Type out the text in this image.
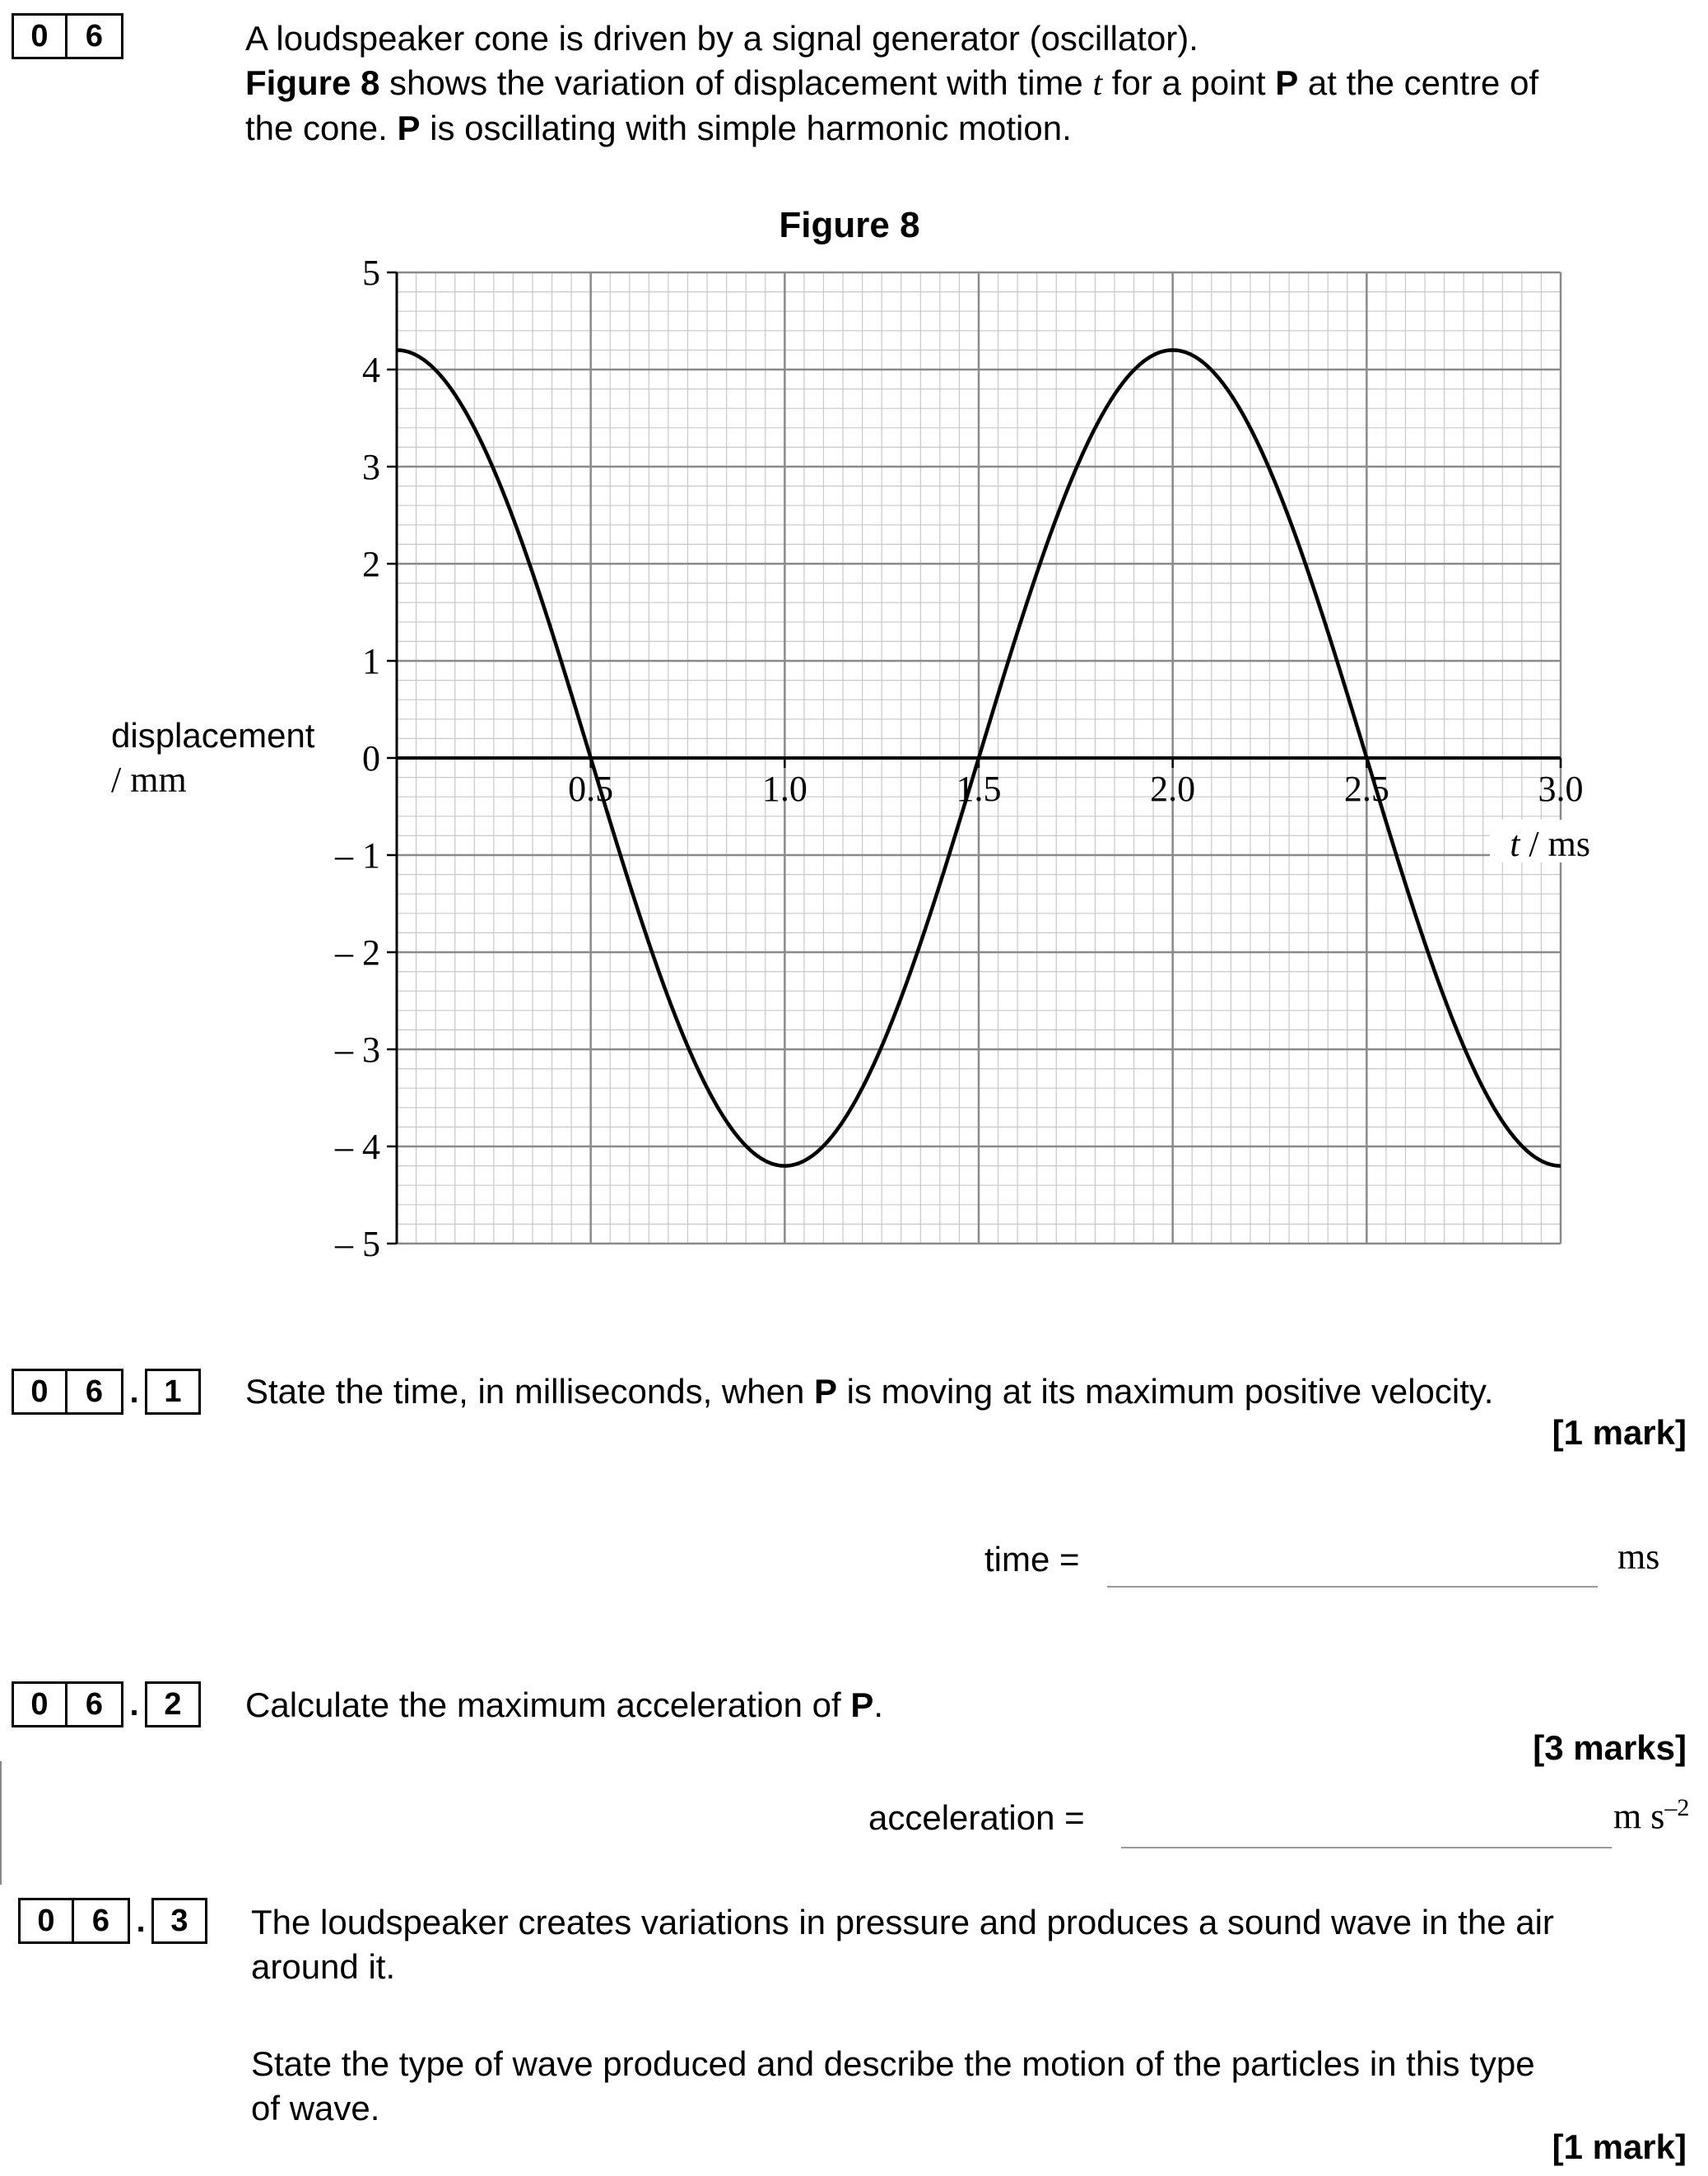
0	6	A loudspeaker cone is driven by a signal generator (oscillator).
Figure 8 shows the variation of displacement with time t for a point P at the centre of
the cone. P is oscillating with simple harmonic motion.
Figure 8
5
4
3
2
1
0
– 1
– 2
– 3
– 4
– 5
0.5	1.0	1.5	2.0	2.5	3.0
displacement
/ mm
t / ms
0	6 . 1	State the time, in milliseconds, when P is moving at its maximum positive velocity.
[1 mark]
time =	ms
0	6 . 2	Calculate the maximum acceleration of P.
[3 marks]
acceleration =	m $s^{-2}$
0	6 . 3	The loudspeaker creates variations in pressure and produces a sound wave in the air
around it.
State the type of wave produced and describe the motion of the particles in this type
of wave.
[1 mark]
